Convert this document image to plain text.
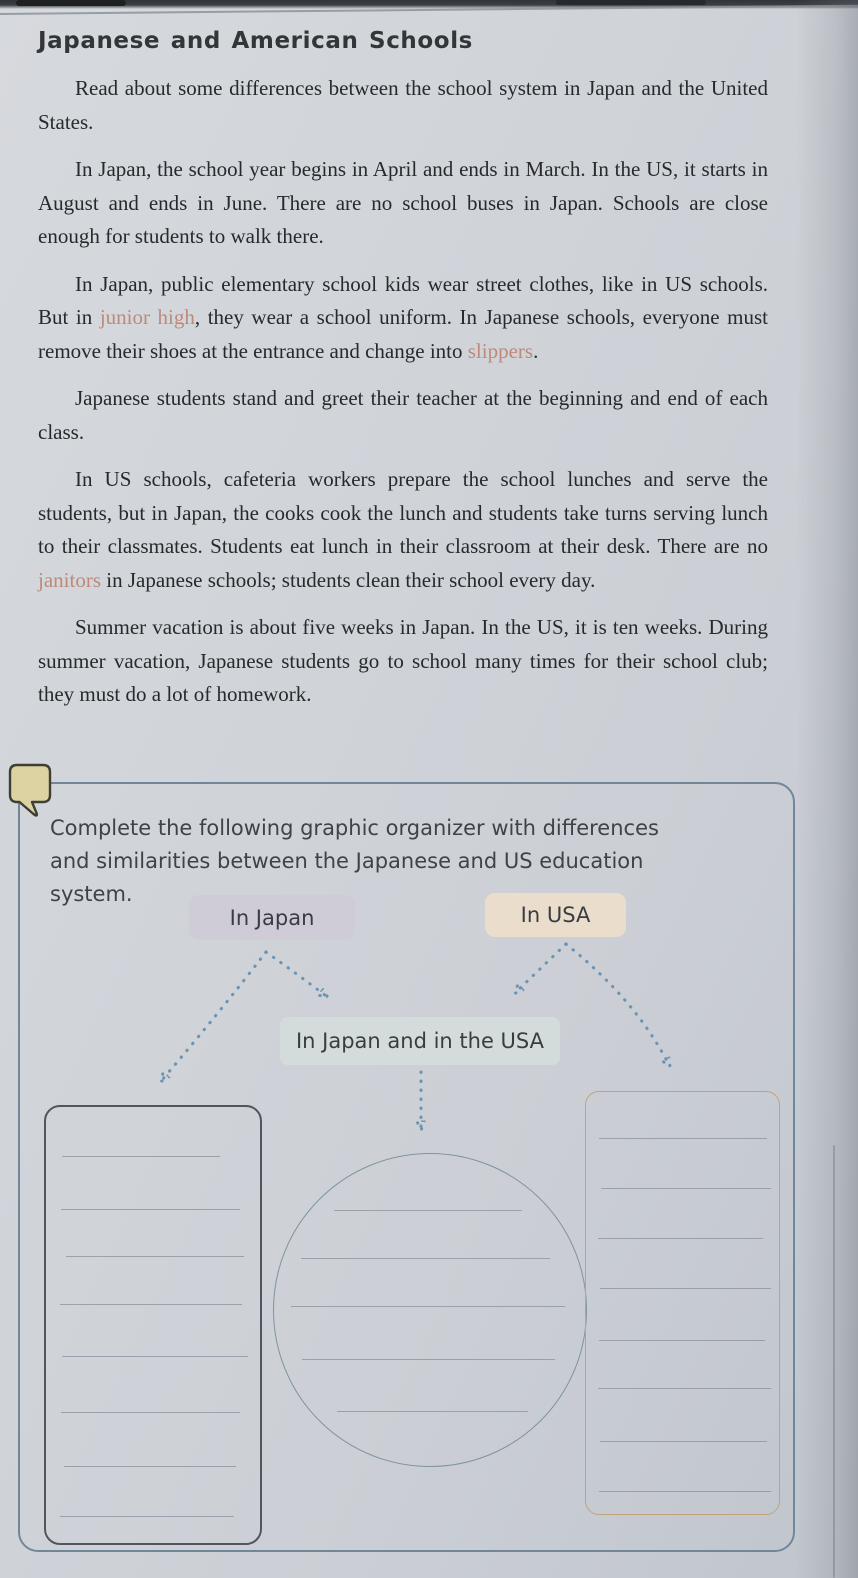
Japanese and American Schools

Read about some differences between the school system in Japan and the United States.

In Japan, the school year begins in April and ends in March. In the US, it starts in August and ends in June. There are no school buses in Japan. Schools are close enough for students to walk there.

In Japan, public elementary school kids wear street clothes, like in US schools. But in junior high, they wear a school uniform. In Japanese schools, everyone must remove their shoes at the entrance and change into slippers.

Japanese students stand and greet their teacher at the beginning and end of each class.

In US schools, cafeteria workers prepare the school lunches and serve the students, but in Japan, the cooks cook the lunch and students take turns serving lunch to their classmates. Students eat lunch in their classroom at their desk. There are no janitors in Japanese schools; students clean their school every day.

Summer vacation is about five weeks in Japan. In the US, it is ten weeks. During summer vacation, Japanese students go to school many times for their school club; they must do a lot of homework.

Complete the following graphic organizer with differences and similarities between the Japanese and US education system.
In Japan	In USA
In Japan and in the USA
